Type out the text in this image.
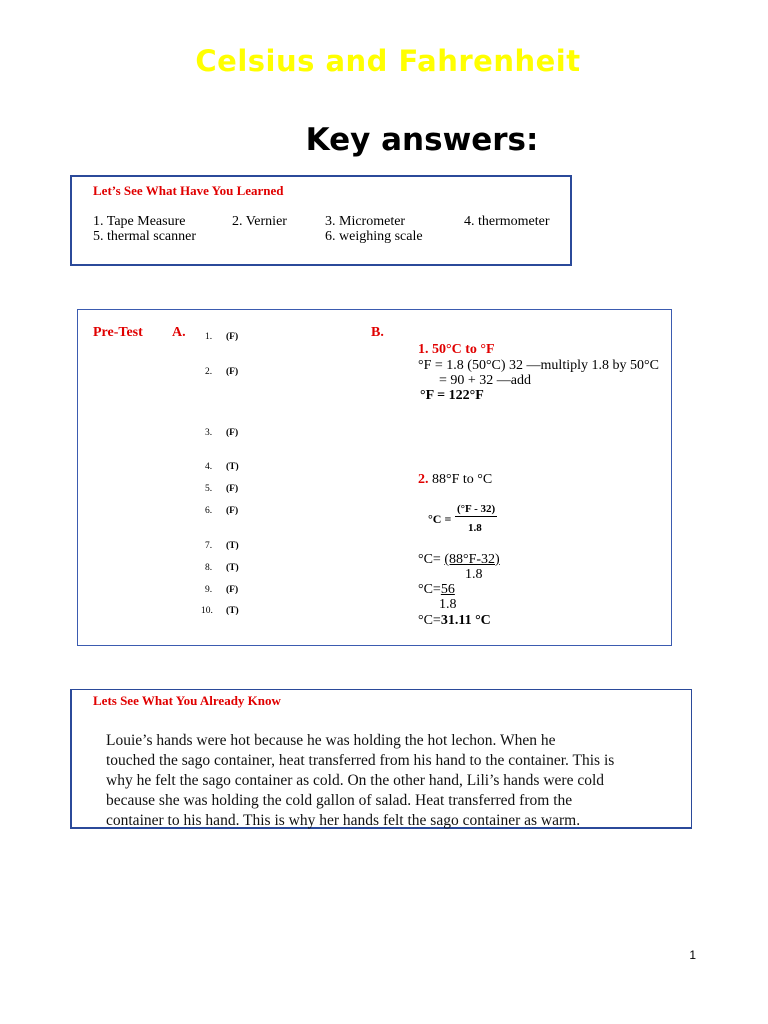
Celsius and Fahrenheit
Key answers:
Let’s See What Have You Learned
1. Tape Measure	2. Vernier	3. Micrometer	4. thermometer
5. thermal scanner	6. weighing scale
Pre-Test A.	B.
1. (F)
2. (F)
3. (F)
4. (T)
5. (F)
6. (F)
7. (T)
8. (T)
9. (F)
10. (T)
1. 50°C to °F
°F = 1.8 (50°C) 32 —multiply 1.8 by 50°C
= 90 + 32 —add
°F = 122°F
2. 88°F to °C
°C =
(°F - 32)
1.8
°C= (88°F-32)
1.8
°C=56
1.8
°C=31.11 °C
Lets See What You Already Know
Louie’s hands were hot because he was holding the hot lechon. When he
touched the sago container, heat transferred from his hand to the container. This is
why he felt the sago container as cold. On the other hand, Lili’s hands were cold
because she was holding the cold gallon of salad. Heat transferred from the
container to his hand. This is why her hands felt the sago container as warm.
1
